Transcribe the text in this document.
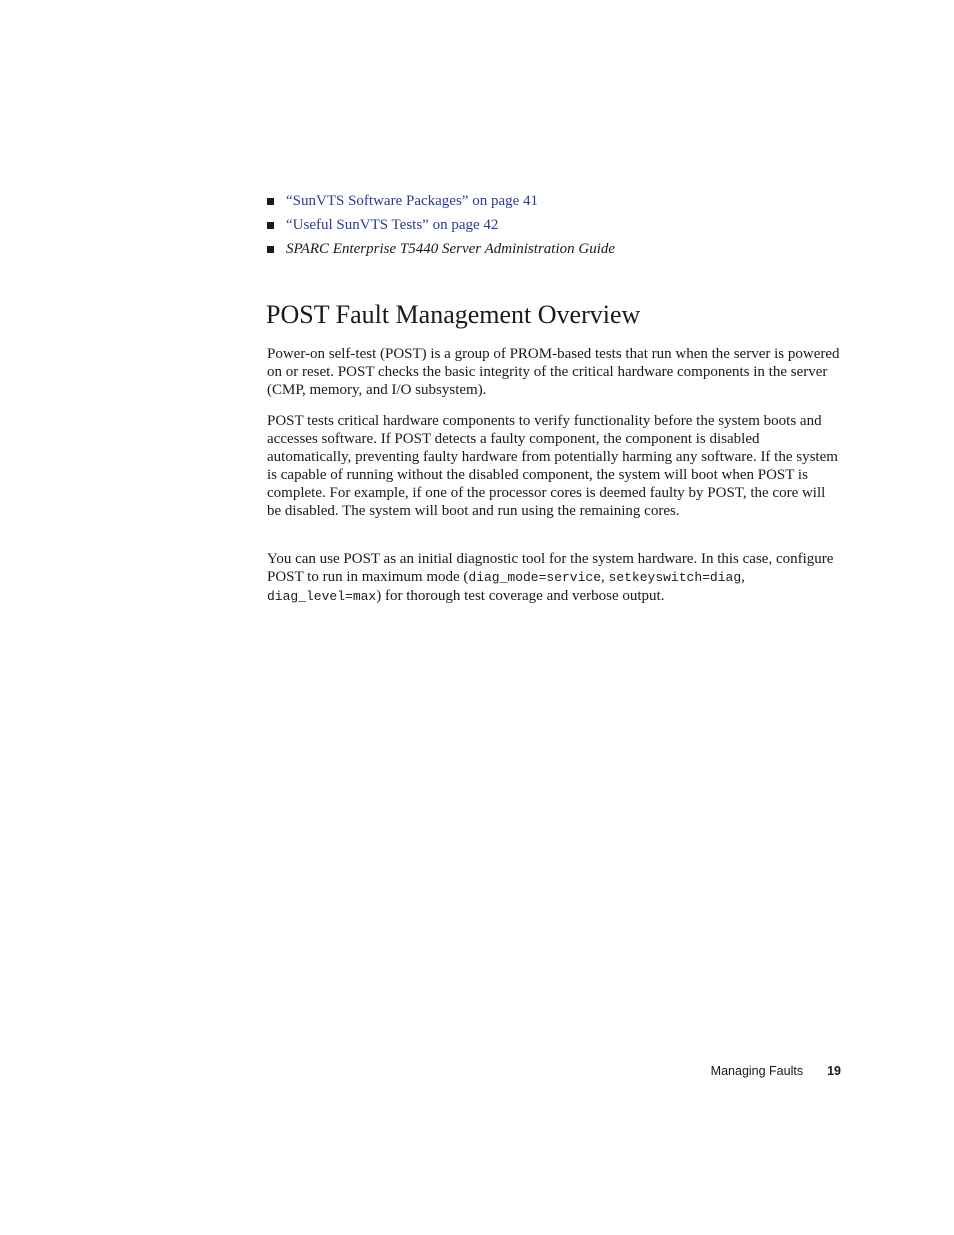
“SunVTS Software Packages” on page 41
“Useful SunVTS Tests” on page 42
SPARC Enterprise T5440 Server Administration Guide
POST Fault Management Overview

Power-on self-test (POST) is a group of PROM-based tests that run when the server is powered on or reset. POST checks the basic integrity of the critical hardware components in the server (CMP, memory, and I/O subsystem).

POST tests critical hardware components to verify functionality before the system boots and accesses software. If POST detects a faulty component, the component is disabled automatically, preventing faulty hardware from potentially harming any software. If the system is capable of running without the disabled component, the system will boot when POST is complete. For example, if one of the processor cores is deemed faulty by POST, the core will be disabled. The system will boot and run using the remaining cores.

You can use POST as an initial diagnostic tool for the system hardware. In this case, configure POST to run in maximum mode (diag_mode=service, setkeyswitch=diag, diag_level=max) for thorough test coverage and verbose output.

Managing Faults 19
